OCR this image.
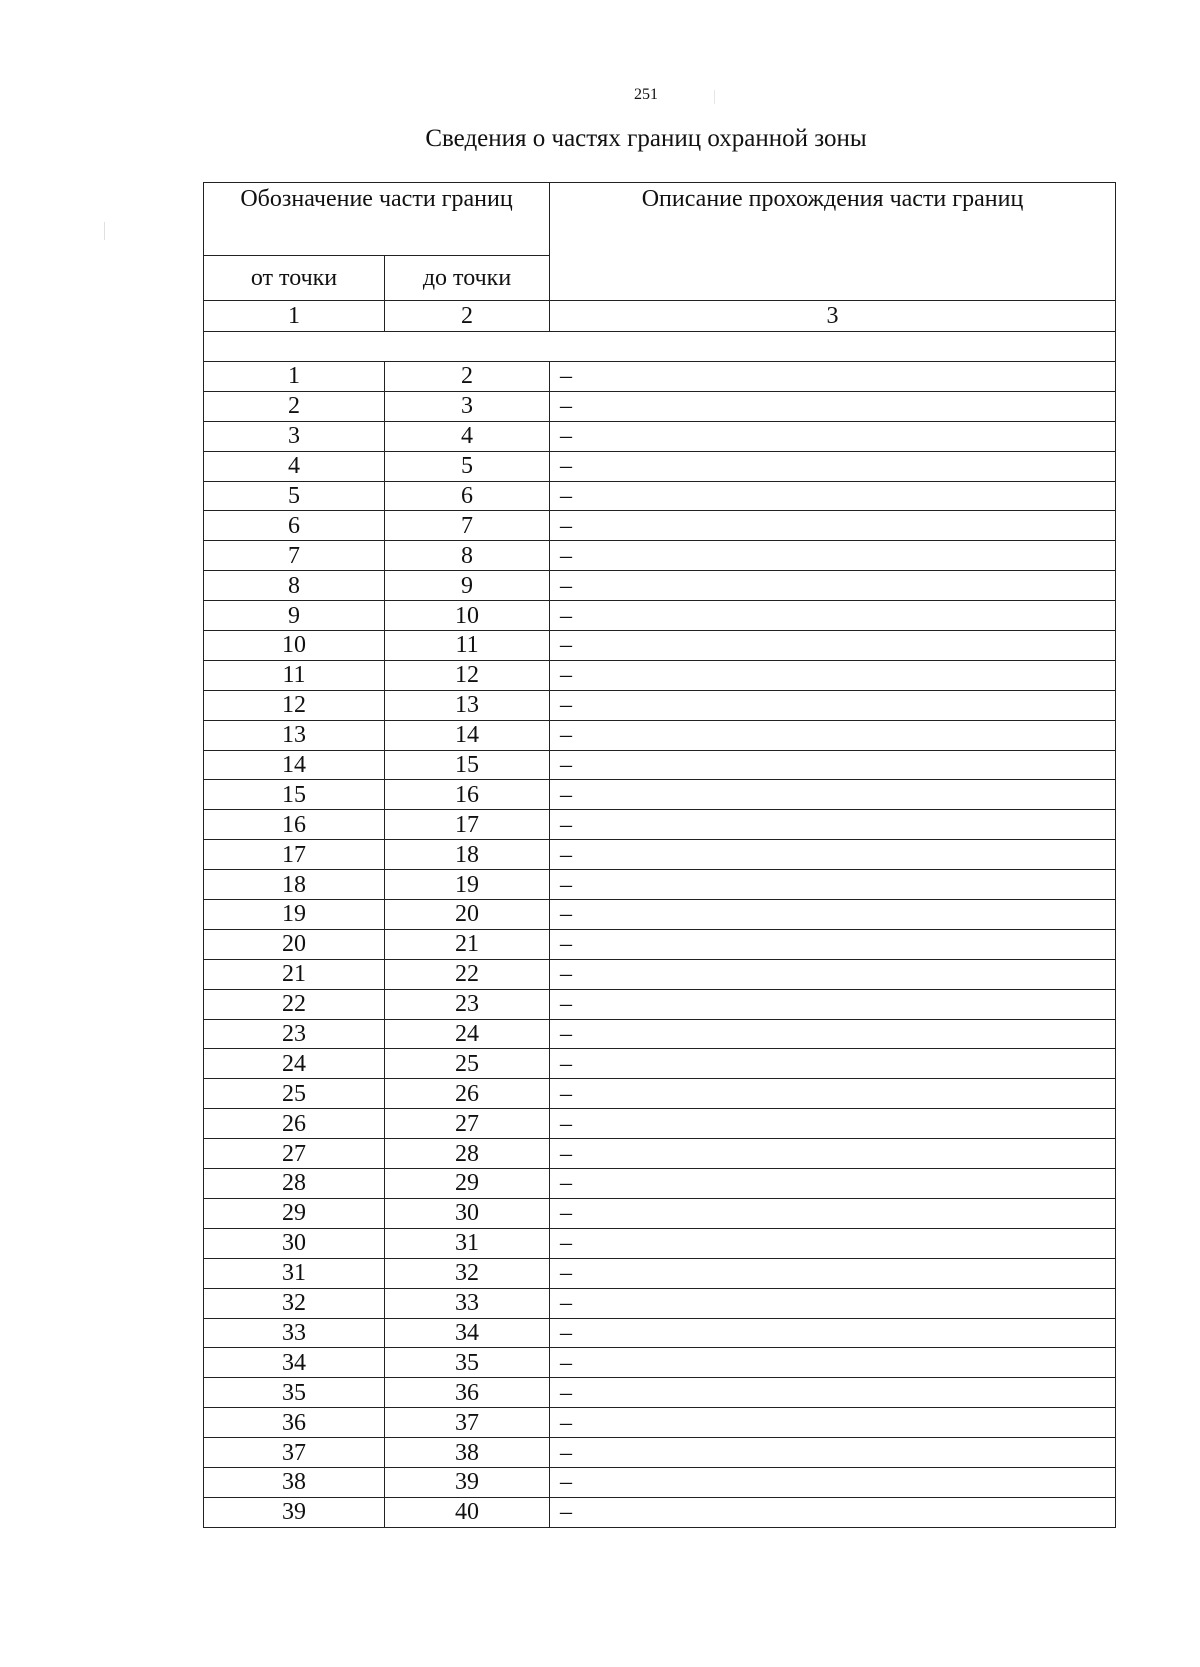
251
Сведения о частях границ охранной зоны
Обозначение части границ		Описание прохождения части границ
от точки	до точки	
1	2	3

1	2	–
2	3	–
3	4	–
4	5	–
5	6	–
6	7	–
7	8	–
8	9	–
9	10	–
10	11	–
11	12	–
12	13	–
13	14	–
14	15	–
15	16	–
16	17	–
17	18	–
18	19	–
19	20	–
20	21	–
21	22	–
22	23	–
23	24	–
24	25	–
25	26	–
26	27	–
27	28	–
28	29	–
29	30	–
30	31	–
31	32	–
32	33	–
33	34	–
34	35	–
35	36	–
36	37	–
37	38	–
38	39	–
39	40	–
